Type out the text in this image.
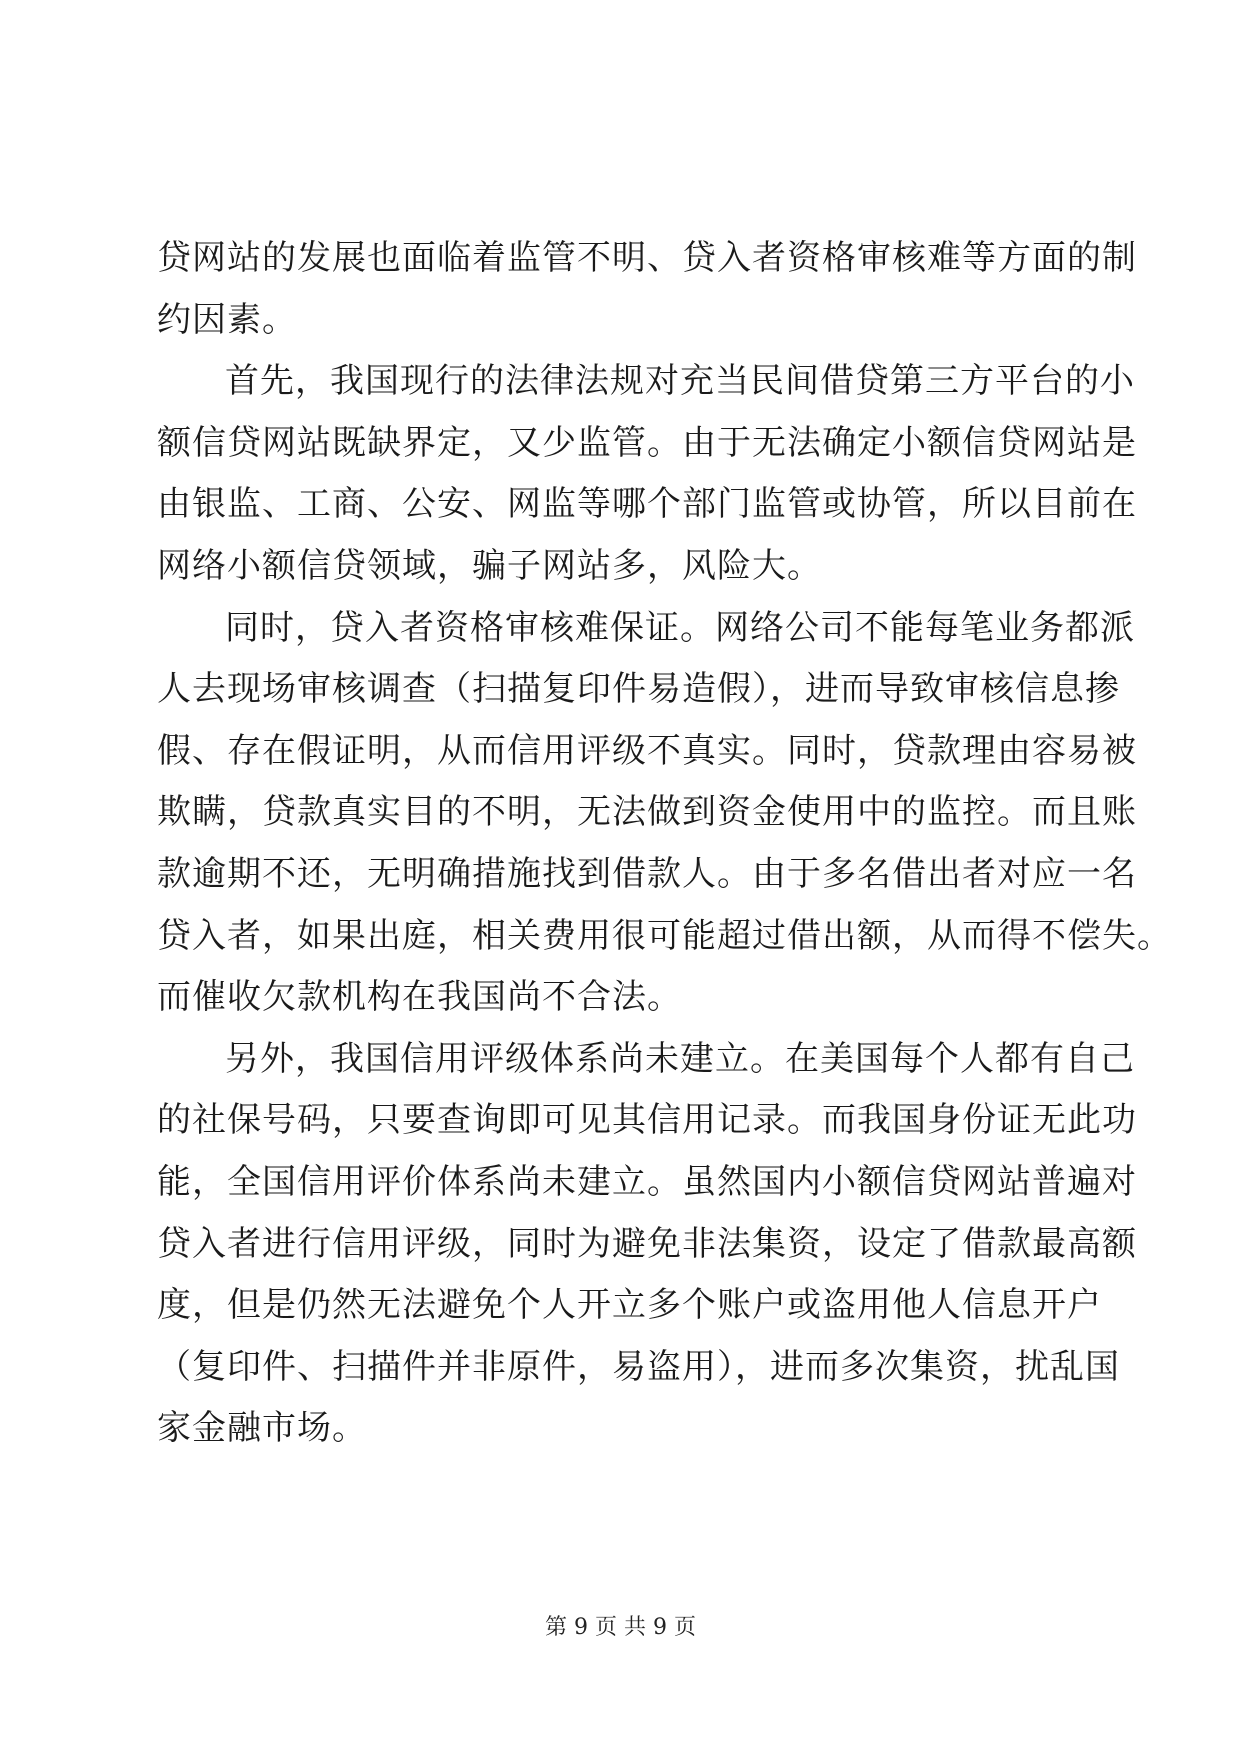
贷网站的发展也面临着监管不明、贷入者资格审核难等方面的制
约因素。
首先，我国现行的法律法规对充当民间借贷第三方平台的小
额信贷网站既缺界定，又少监管。由于无法确定小额信贷网站是
由银监、工商、公安、网监等哪个部门监管或协管，所以目前在
网络小额信贷领域，骗子网站多，风险大。
同时，贷入者资格审核难保证。网络公司不能每笔业务都派
人去现场审核调查（扫描复印件易造假），进而导致审核信息掺
假、存在假证明，从而信用评级不真实。同时，贷款理由容易被
欺瞒，贷款真实目的不明，无法做到资金使用中的监控。而且账
款逾期不还，无明确措施找到借款人。由于多名借出者对应一名
贷入者，如果出庭，相关费用很可能超过借出额，从而得不偿失。
而催收欠款机构在我国尚不合法。
另外，我国信用评级体系尚未建立。在美国每个人都有自己
的社保号码，只要查询即可见其信用记录。而我国身份证无此功
能，全国信用评价体系尚未建立。虽然国内小额信贷网站普遍对
贷入者进行信用评级，同时为避免非法集资，设定了借款最高额
度，但是仍然无法避免个人开立多个账户或盗用他人信息开户
（复印件、扫描件并非原件，易盗用），进而多次集资，扰乱国
家金融市场。
第 9 页 共 9 页
